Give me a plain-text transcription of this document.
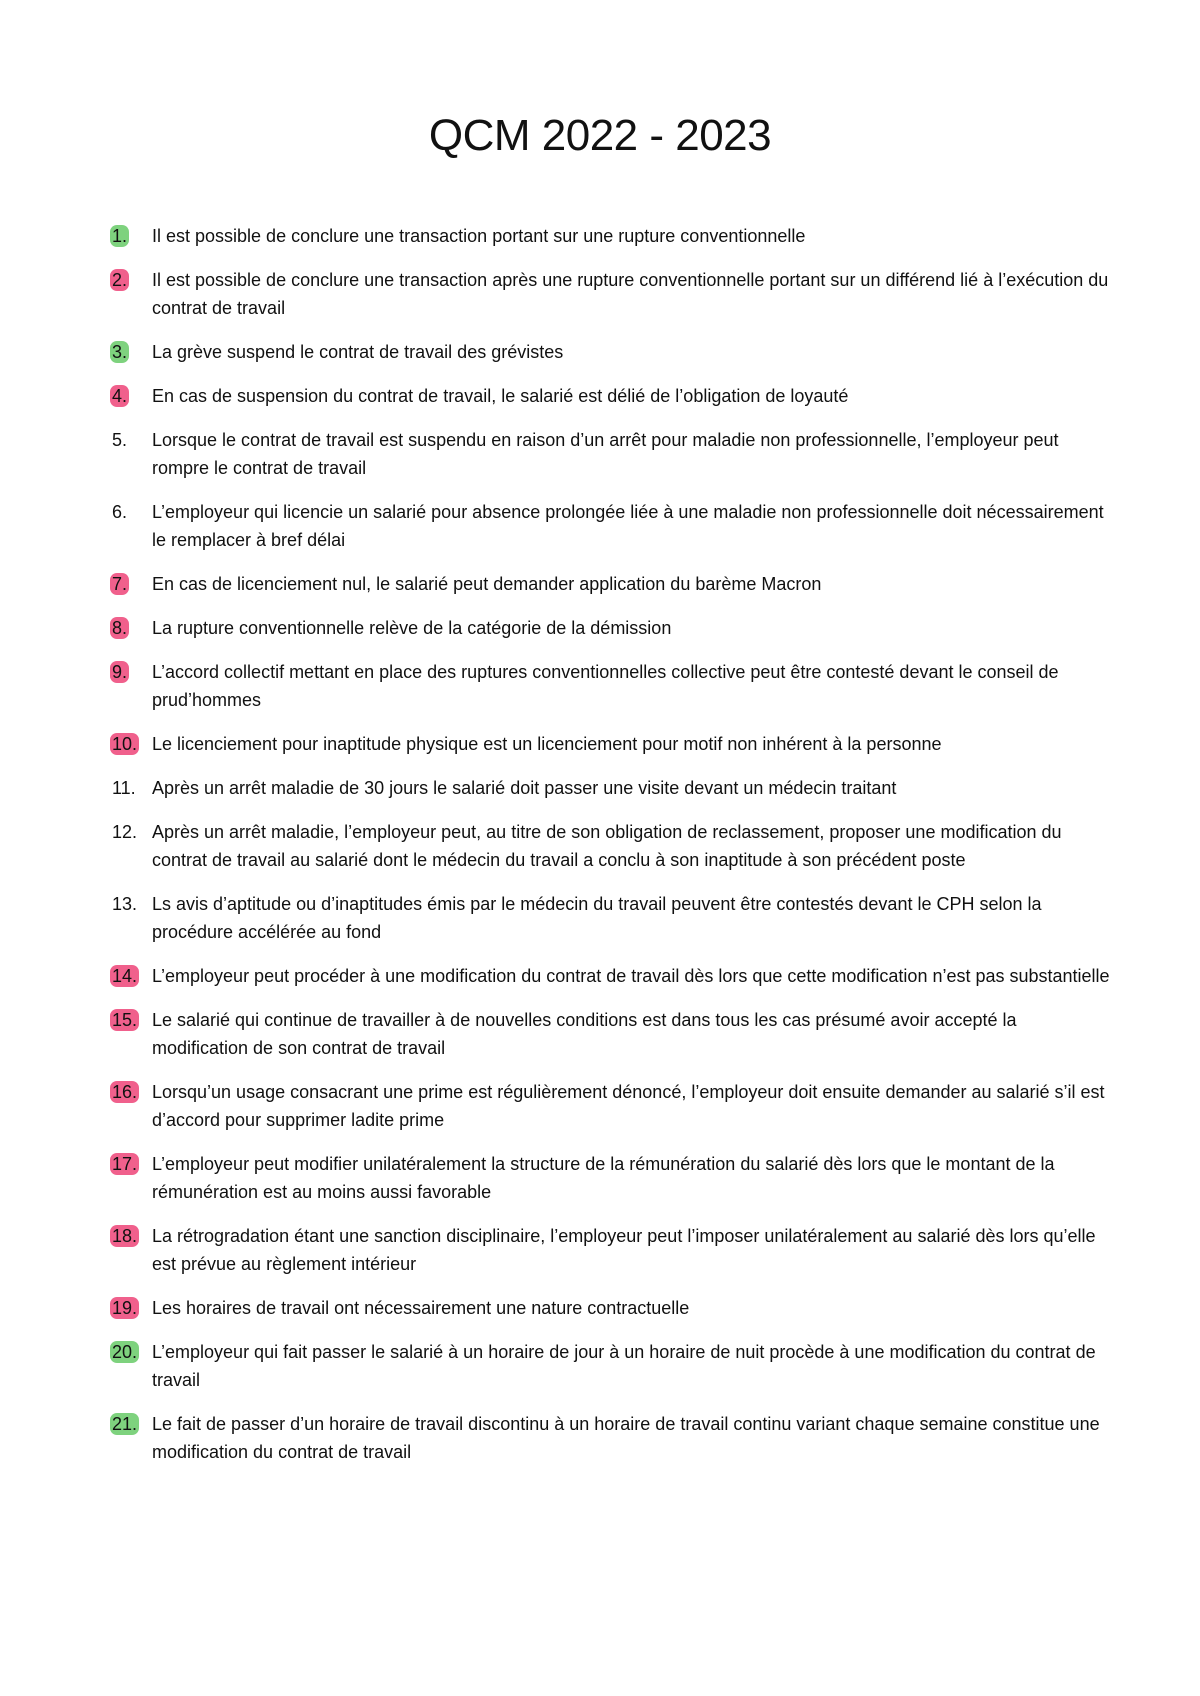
QCM 2022 - 2023
1.	Il est possible de conclure une transaction portant sur une rupture conventionnelle
2.	Il est possible de conclure une transaction après une rupture conventionnelle portant sur un différend lié à l’exécution du contrat de travail
3.	La grève suspend le contrat de travail des grévistes
4.	En cas de suspension du contrat de travail, le salarié est délié de l’obligation de loyauté
5.	Lorsque le contrat de travail est suspendu en raison d’un arrêt pour maladie non professionnelle, l’employeur peut rompre le contrat de travail
6.	L’employeur qui licencie un salarié pour absence prolongée liée à une maladie non professionnelle doit nécessairement le remplacer à bref délai
7.	En cas de licenciement nul, le salarié peut demander application du barème Macron
8.	La rupture conventionnelle relève de la catégorie de la démission
9.	L’accord collectif mettant en place des ruptures conventionnelles collective peut être contesté devant le conseil de prud’hommes
10. Le licenciement pour inaptitude physique est un licenciement pour motif non inhérent à la personne
11. Après un arrêt maladie de 30 jours le salarié doit passer une visite devant un médecin traitant
12. Après un arrêt maladie, l’employeur peut, au titre de son obligation de reclassement, proposer une modification du contrat de travail au salarié dont le médecin du travail a conclu à son inaptitude à son précédent poste
13. Ls avis d’aptitude ou d’inaptitudes émis par le médecin du travail peuvent être contestés devant le CPH selon la procédure accélérée au fond
14. L’employeur peut procéder à une modification du contrat de travail dès lors que cette modification n’est pas substantielle
15. Le salarié qui continue de travailler à de nouvelles conditions est dans tous les cas présumé avoir accepté la modification de son contrat de travail
16. Lorsqu’un usage consacrant une prime est régulièrement dénoncé, l’employeur doit ensuite demander au salarié s’il est d’accord pour supprimer ladite prime
17. L’employeur peut modifier unilatéralement la structure de la rémunération du salarié dès lors que le montant de la rémunération est au moins aussi favorable
18. La rétrogradation étant une sanction disciplinaire, l’employeur peut l’imposer unilatéralement au salarié dès lors qu’elle est prévue au règlement intérieur
19. Les horaires de travail ont nécessairement une nature contractuelle
20. L’employeur qui fait passer le salarié à un horaire de jour à un horaire de nuit procède à une modification du contrat de travail
21. Le fait de passer d’un horaire de travail discontinu à un horaire de travail continu variant chaque semaine constitue une modification du contrat de travail
